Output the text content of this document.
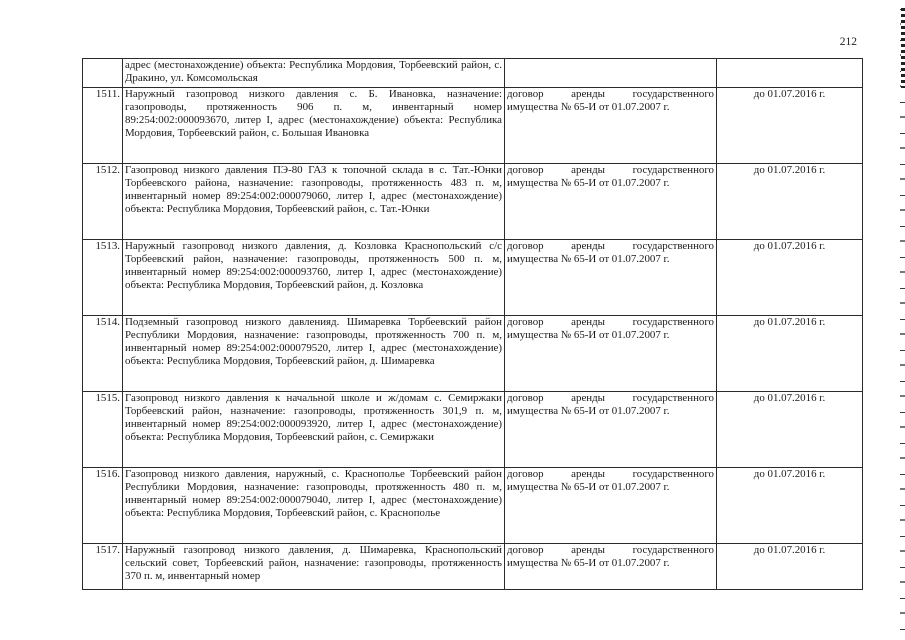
212
	адрес (местонахождение) объекта: Республика Мордовия, Торбеевский район, с. Дракино, ул. Комсомольская		
1511.	Наружный газопровод низкого давления с. Б. Ивановка, назначение: газопроводы, протяженность 906 п. м, инвентарный номер 89:254:002:000093670, литер I, адрес (местонахождение) объекта: Республика Мордовия, Торбеевский район, с. Большая Ивановка	договор аренды государственного имущества № 65-И от 01.07.2007 г.	до 01.07.2016 г.
1512.	Газопровод низкого давления ПЭ-80 ГАЗ к топочной склада в с. Тат.-Юнки Торбеевского района, назначение: газопроводы, протяженность 483 п. м, инвентарный номер 89:254:002:000079060, литер I, адрес (местонахождение) объекта: Республика Мордовия, Торбеевский район, с. Тат.-Юнки	договор аренды государственного имущества № 65-И от 01.07.2007 г.	до 01.07.2016 г.
1513.	Наружный газопровод низкого давления, д. Козловка Краснопольский с/с Торбеевский район, назначение: газопроводы, протяженность 500 п. м, инвентарный номер 89:254:002:000093760, литер I, адрес (местонахождение) объекта: Республика Мордовия, Торбеевский район, д. Козловка	договор аренды государственного имущества № 65-И от 01.07.2007 г.	до 01.07.2016 г.
1514.	Подземный газопровод низкого давленияд. Шимаревка Торбеевский район Республики Мордовия, назначение: газопроводы, протяженность 700 п. м, инвентарный номер 89:254:002:000079520, литер I, адрес (местонахождение) объекта: Республика Мордовия, Торбеевский район, д. Шимаревка	договор аренды государственного имущества № 65-И от 01.07.2007 г.	до 01.07.2016 г.
1515.	Газопровод низкого давления к начальной школе и ж/домам с. Семиржаки Торбеевский район, назначение: газопроводы, протяженность 301,9 п. м, инвентарный номер 89:254:002:000093920, литер I, адрес (местонахождение) объекта: Республика Мордовия, Торбеевский район, с. Семиржаки	договор аренды государственного имущества № 65-И от 01.07.2007 г.	до 01.07.2016 г.
1516.	Газопровод низкого давления, наружный, с. Краснополье Торбеевский район Республики Мордовия, назначение: газопроводы, протяженность 480 п. м, инвентарный номер 89:254:002:000079040, литер I, адрес (местонахождение) объекта: Республика Мордовия, Торбеевский район, с. Краснополье	договор аренды государственного имущества № 65-И от 01.07.2007 г.	до 01.07.2016 г.
1517.	Наружный газопровод низкого давления, д. Шимаревка, Краснопольский сельский совет, Торбеевский район, назначение: газопроводы, протяженность 370 п. м, инвентарный номер	договор аренды государственного имущества № 65-И от 01.07.2007 г.	до 01.07.2016 г.
